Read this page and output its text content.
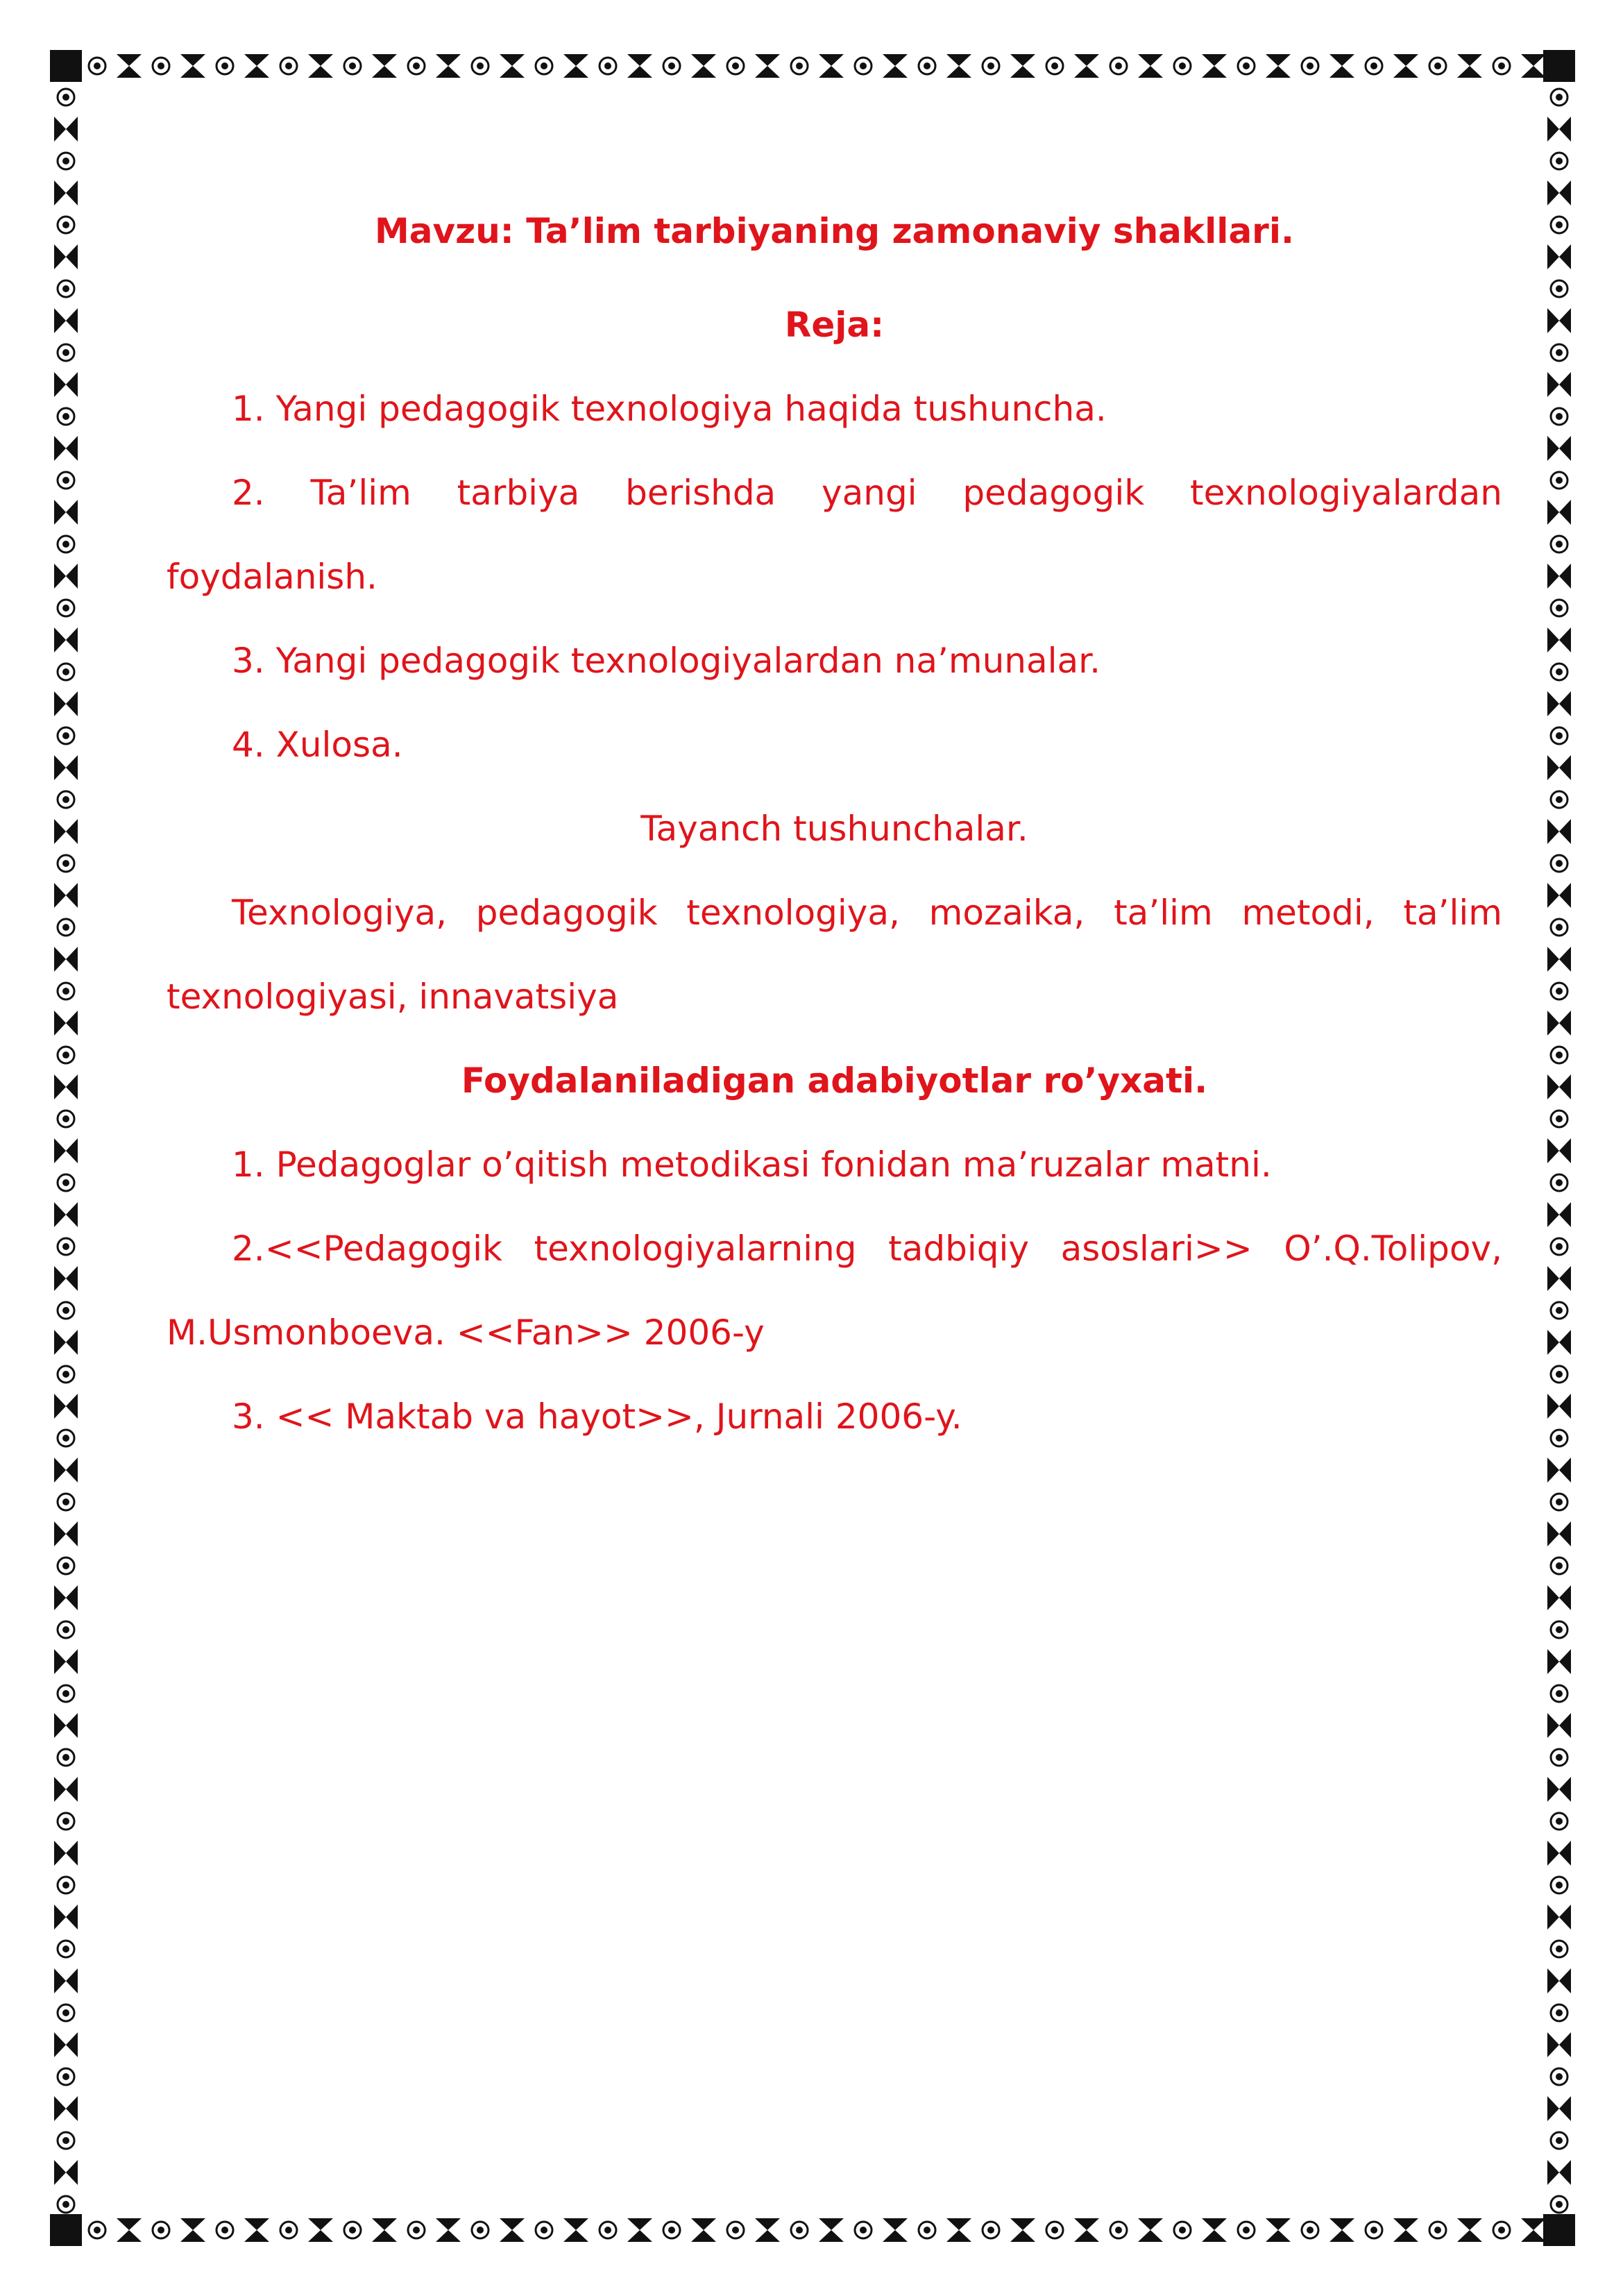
Mavzu: Ta’lim tarbiyaning zamonaviy shakllari.

Reja:

1. Yangi pedagogik texnologiya haqida tushuncha.

2. Ta’lim tarbiya berishda yangi pedagogik texnologiyalardan foydalanish.

3. Yangi pedagogik texnologiyalardan na’munalar.

4. Xulosa.

Tayanch tushunchalar.

Texnologiya, pedagogik texnologiya, mozaika, ta’lim metodi, ta’lim texnologiyasi, innavatsiya

Foydalaniladigan adabiyotlar ro’yxati.

1. Pedagoglar o’qitish metodikasi fonidan ma’ruzalar matni.

2.<<Pedagogik texnologiyalarning tadbiqiy asoslari>> O’.Q.Tolipov, M.Usmonboeva. <<Fan>> 2006-y

3. << Maktab va hayot>>, Jurnali 2006-y.
